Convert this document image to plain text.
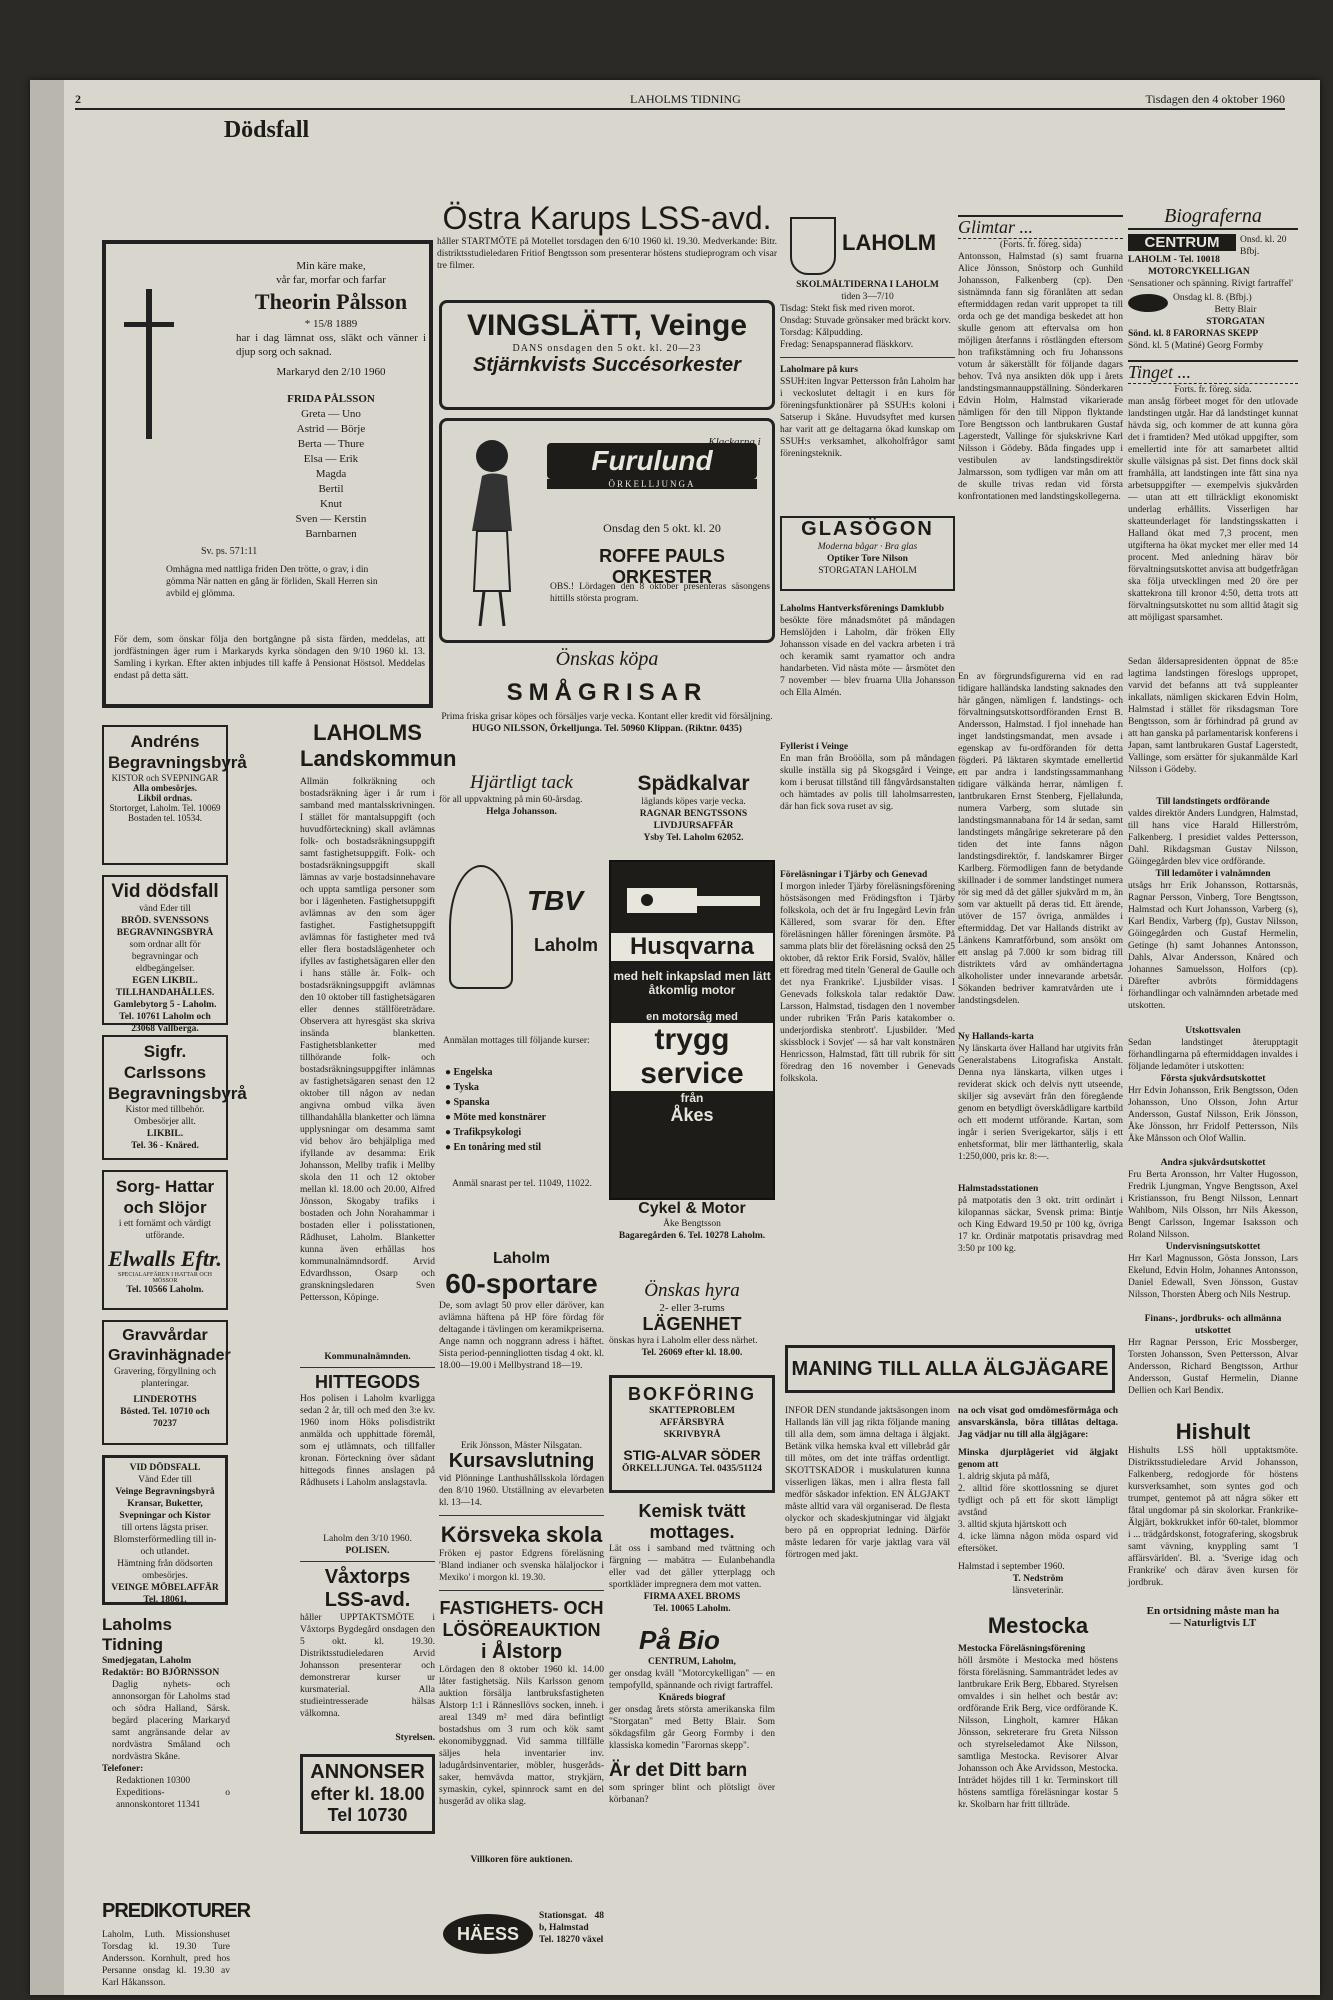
2	LAHOLMS TIDNING	Tisdagen den 4 oktober 1960
Dödsfall
Min käre make,
vår far, morfar och farfar
Theorin Pålsson
* 15/8 1889
har i dag lämnat oss, släkt och vänner i djup sorg och saknad.
Markaryd den 2/10 1960
FRIDA PÅLSSON
Greta — Uno
Astrid — Börje
Berta — Thure
Elsa — Erik
Magda
Bertil
Knut
Sven — Kerstin
Barnbarnen
Sv. ps. 571:11
Omhägna med nattliga friden Den trötte, o grav, i din gömma När natten en gång är förliden, Skall Herren sin avbild ej glömma.
För dem, som önskar följa den bortgångne på sista färden, meddelas, att jordfästningen äger rum i Markaryds kyrka söndagen den 9/10 1960 kl. 13. Samling i kyrkan. Efter akten inbjudes till kaffe å Pensionat Höstsol. Meddelas endast på detta sätt.
Andréns Begravningsbyrå
KISTOR och SVEPNINGAR
Alla ombesörjes.
Likbil ordnas.
Stortorget, Laholm. Tel. 10069
Bostaden tel. 10534.
Vid dödsfall
vänd Eder till
BRÖD. SVENSSONS BEGRAVNINGSBYRÅ
som ordnar allt för begravningar och eldbegängelser.
EGEN LIKBIL. TILLHANDAHÅLLES.
Gamlebytorg 5 - Laholm.
Tel. 10761 Laholm och 23068 Vallberga.
Sigfr. Carlssons Begravningsbyrå
Kistor med tillbehör.
Ombesörjer allt.
LIKBIL.
Tel. 36 - Knäred.
Sorg- Hattar och Slöjor
i ett fornämt och värdigt utförande.
Elwalls Eftr.
SPECIALAFFÄREN I HATTAR OCH MÖSSOR
Tel. 10566 Laholm.
Gravvårdar Gravinhägnader
Gravering, förgyllning och planteringar.
LINDEROTHS
Bösted. Tel. 10710 och 70237
VID DÖDSFALL
Vänd Eder till
Veinge Begravningsbyrå
Kransar, Buketter, Svepningar och Kistor
till ortens lägsta priser.
Blomsterförmedling till in- och utlandet.
Hämtning från dödsorten ombesörjes.
VEINGE MÖBELAFFÄR
Tel. 18061.
Laholms Tidning
Smedjegatan, Laholm
Redaktör: BO BJÖRNSSON
Daglig nyhets- och annonsorgan för Laholms stad och södra Halland, Särsk. begärd placering Markaryd samt angränsande delar av nordvästra Småland och nordvästra Skåne.
Telefoner:
Redaktionen 10300
Expeditions- o annonskontoret 11341
PREDIKOTURER
Laholm, Luth. Missionshuset Torsdag kl. 19.30 Ture Andersson. Kornhult, pred hos Persanne onsdag kl. 19.30 av Karl Håkansson.
LAHOLMS Landskommun
Allmän folkräkning och bostadsräkning äger i år rum i samband med mantalsskrivningen. I stället för mantalsuppgift (och huvudförteckning) skall avlämnas folk- och bostadsräkningsuppgift samt fastighetsuppgift. Folk- och bostadsräkningsuppgift skall lämnas av varje bostadsinnehavare och uppta samtliga personer som bor i lägenheten. Fastighetsuppgift avlämnas av den som äger fastighet. Fastighetsuppgift avlämnas för fastigheter med två eller flera bostadslägenheter och ifylles av fastighetsägaren eller den i hans ställe är. Folk- och bostadsräkningsuppgift avlämnas den 10 oktober till fastighetsägaren eller dennes ställföreträdare. Observera att hyresgäst ska skriva insända blanketten. Fastighetsblanketter med tillhörande folk- och bostadsräkningsuppgifter inlämnas av fastighetsägaren senast den 12 oktober till någon av nedan angivna ombud vilka även tillhandahålla blanketter och lämna upplysningar om desamma samt vid behov äro behjälpliga med ifyllande av desamma: Erik Johansson, Mellby trafik i Mellby skola den 11 och 12 oktober mellan kl. 18.00 och 20.00, Alfred Jönsson, Skogaby trafiks i bostaden och John Norahammar i bostaden eller i polisstationen, Rådhuset, Laholm. Blanketter kunna även erhållas hos kommunalnämndsordf. Arvid Edvardhsson, Osarp och granskningsledaren Sven Pettersson, Köpinge.
Kommunalnämnden.
HITTEGODS
Hos polisen i Laholm kvarligga sedan 2 år, till och med den 3:e kv. 1960 inom Höks polisdistrikt anmälda och upphittade föremål, som ej utlämnats, och tillfaller kronan. Förteckning över sådant hittegods finnes anslagen på Rådhusets i Laholm anslagstavla.
Laholm den 3/10 1960.
POLISEN.
Våxtorps LSS-avd.
håller UPPTAKTSMÖTE i Våxtorps Bygdegård onsdagen den 5 okt. kl. 19.30. Distriktsstudieledaren Arvid Johansson presenterar och demonstrerar kurser ur kursmaterial. Alla studieintresserade hälsas välkomna.
Styrelsen.
ANNONSER
efter kl. 18.00
Tel 10730
Östra Karups LSS-avd.
håller STARTMÖTE på Motellet torsdagen den 6/10 1960 kl. 19.30. Medverkande: Bitr. distriktsstudieledaren Fritiof Bengtsson som presenterar höstens studieprogram och visar tre filmer.
VINGSLÄTT, Veinge
DANS onsdagen den 5 okt. kl. 20—23
Stjärnkvists Succésorkester
Furulund
Klackarna i taket
ÖRKELLJUNGA
Onsdag den 5 okt. kl. 20
ROFFE PAULS ORKESTER
OBS.! Lördagen den 8 oktober presenteras säsongens hittills största program.
Önskas köpa
SMÅGRISAR
Prima friska grisar köpes och försäljes varje vecka. Kontant eller kredit vid försäljning.
HUGO NILSSON, Örkelljunga. Tel. 50960 Klippan. (Riktnr. 0435)
Hjärtligt tack
för all uppvaktning på min 60-årsdag.
Helga Johansson.
Spädkalvar
läglands köpes varje vecka.
RAGNAR BENGTSSONS LIVDJURSAFFÄR
Ysby Tel. Laholm 62052.
TBV
Laholm
Anmälan mottages till följande kurser:
● Engelska
● Tyska
● Spanska
● Möte med konstnärer
● Trafikpsykologi
● En tonåring med stil
Anmäl snarast per tel. 11049, 11022.
Husqvarna
med helt inkapslad men lätt åtkomlig motor
en motorsåg med
trygg service
från
Åkes
Cykel & Motor
Åke Bengtsson
Bagaregården 6. Tel. 10278 Laholm.
Laholm
60-sportare
De, som avlagt 50 prov eller däröver, kan avlämna häftena på HP före fördag för deltagande i tävlingen om keramikpriserna. Ange namn och noggrann adress i häftet. Sista period-penningliotten tisdag 4 okt. kl. 18.00—19.00 i Mellbystrand 18—19.
Erik Jönsson, Mäster Nilsgatan.
Önskas hyra
2- eller 3-rums
LÄGENHET
önskas hyra i Laholm eller dess närhet.
Tel. 26069 efter kl. 18.00.
Kursavslutning
vid Plönninge Lanthushållsskola lördagen den 8/10 1960. Utställning av elevarbeten kl. 13—14.
Körsveka skola
Fröken ej pastor Edgrens föreläsning 'Bland indianer och svenska hälaljockor i Mexiko' i morgon kl. 19.30.
FASTIGHETS- OCH LÖSÖREAUKTION
i Ålstorp
Lördagen den 8 oktober 1960 kl. 14.00 låter fastighetsäg. Nils Karlsson genom auktion försälja lantbruksfastigheten Ålstorp 1:1 i Rännesllövs socken, inneh. i areal 1349 m² med dära befintligt bostadshus om 3 rum och kök samt ekonomibyggnad. Vid samma tillfälle säljes hela inventarier inv. ladugårdsinventarier, möbler, husgeråds-saker, hemvävda mattor, strykjärn, symaskin, cykel, spinnrock samt en del husgeråd av olika slag.
Villkoren före auktionen.
HÄESS
Stationsgat. 48 b, Halmstad
Tel. 18270 växel
BOKFÖRING
SKATTEPROBLEM
AFFÄRSBYRÅ
SKRIVBYRÅ
STIG-ALVAR SÖDER
ÖRKELLJUNGA. Tel. 0435/51124
Kemisk tvätt mottages.
Lät oss i samband med tvättning och färgning — mabätra — Eulanbehandla eller vad det gäller ytterplagg och sportkläder impregnera dem mot vatten.
FIRMA AXEL BROMS
Tel. 10065 Laholm.
På Bio
CENTRUM, Laholm,
ger onsdag kväll "Motorcykelligan" — en tempofylld, spännande och rivigt fartraffel.
Knäreds biograf
ger onsdag årets största amerikanska film "Storgatan" med Betty Blair. Som sökdagsfilm går Georg Formby i den klassiska komedin "Farornas skepp".
Är det Ditt barn
som springer blint och plötsligt över körbanan?
LAHOLM
SKOLMÅLTIDERNA I LAHOLM
tiden 3—7/10
Tisdag: Stekt fisk med riven morot.
Onsdag: Stuvade grönsaker med bräckt korv.
Torsdag: Kålpudding.
Fredag: Senapspannerad fläskkorv.
Laholmare på kurs
SSUH:iten Ingvar Pettersson från Laholm har i veckoslutet deltagit i en kurs för föreningsfunktionärer på SSUH:s koloni i Satserup i Skåne. Huvudsyftet med kursen har varit att ge deltagarna ökad kunskap om SSUH:s verksamhet, alkoholfrågor samt föreningsteknik.
GLASÖGON
Moderna bågar · Bra glas
Optiker Tore Nilson
STORGATAN LAHOLM
Laholms Hantverksförenings Damklubb
besökte före månadsmötet på måndagen Hemslöjden i Laholm, där fröken Elly Johansson visade en del vackra arbeten i trä och keramik samt ryamattor och andra handarbeten. Vid nästa möte — årsmötet den 7 november — blev fruarna Ulla Johansson och Ella Almén.
Fyllerist i Veinge
En man från Broöölla, som på måndagen skulle inställa sig på Skogsgård i Veinge, kom i berusat tillstånd till fångvårdsanstalten och hämtades av polis till laholmsarresten, där han fick sova ruset av sig.
Föreläsningar i Tjärby och Genevad
I morgon inleder Tjärby föreläsningsförening höstsäsongen med Frödingsfton i Tjärby folkskola, och det är fru Ingegärd Levin från Källered, som svarar för den. Efter föreläsningen håller föreningen årsmöte. På samma plats blir det föreläsning också den 25 oktober, då rektor Erik Forsid, Svalöv, håller ett föredrag med titeln 'General de Gaulle och det nya Frankrike'. Ljusbilder visas. I Genevads folkskola talar redaktör Daw. Larsson, Halmstad, tisdagen den 1 november under rubriken 'Från Paris katakomber o. underjordiska stenbrott'. Ljusbilder. 'Med skissblock i Sovjet' — så har valt konstnären Henricsson, Halmstad, fått till rubrik för sitt föredrag den 16 november i Genevads folkskola.
MANING TILL ALLA ÄLGJÄGARE
INFOR DEN stundande jaktsäsongen inom Hallands län vill jag rikta följande maning till alla dem, som ämna deltaga i älgjakt. Betänk vilka hemska kval ett villebråd går till mötes, om det inte träffas ordentligt. SKOTTSKADOR i muskulaturen kunna visserligen läkas, men i allra flesta fall medför såskador infektion. EN ÄLGJAKT måste alltid vara väl organiserad. De flesta olyckor och skadeskjutningar vid älgjakt bero på en oppropriat ledning. Därför måste ledaren för varje jaktlag vara väl förtrogen med jakt.
na och visat god omdömesförmåga och ansvarskänsla, böra tillåtas deltaga. Jag vädjar nu till alla älgjägare:
Minska djurplågeriet vid älgjakt genom att
1. aldrig skjuta på måfå,
2. alltid före skottlossning se djuret tydligt och på ett för skott lämpligt avstånd
3. alltid skjuta hjärtskott och
4. icke lämna någon möda ospard vid eftersöket.
Halmstad i september 1960.
T. Nedström
länsveterinär.
Mestocka
Mestocka Föreläsningsförening
höll årsmöte i Mestocka med höstens första föreläsning. Sammanträdet ledes av lantbrukare Erik Berg, Ebbared. Styrelsen omvaldes i sin helhet och består av: ordförande Erik Berg, vice ordförande K. Nilsson, Lingholt, kamrer Håkan Jönsson, sekreterare fru Greta Nilsson och styrelseledamot Åke Nilsson, samtliga Mestocka. Revisorer Alvar Johansson och Åke Arvidsson, Mestocka. Inträdet höjdes till 1 kr. Terminskort till höstens samtliga föreläsningar kostar 5 kr. Skolbarn har fritt tillträde.
Glimtar ...
(Forts. fr. föreg. sida)
Antonsson, Halmstad (s) samt fruarna Alice Jönsson, Snöstorp och Gunhild Johansson, Falkenberg (cp). Den sistnämnda fann sig föranlåten att sedan eftermiddagen redan varit uppropet ta till orda och ge det mandiga beskedet att hon skulle genom att eftervalsa om hon möjligen återfanns i röstlängden eftersom hon trafikstämning och fru Johanssons votum år säkerställt för följande dagars behov. Två nya ansikten dök upp i årets landstingsmannauppställning. Sönderkaren Edvin Holm, Halmstad vikarierade nämligen för den till Nippon flyktande Tore Bengtsson och lantbrukaren Gustaf Lagerstedt, Vallinge för sjukskrivne Karl Nilsson i Gödeby. Båda fingades upp i vestibulen av landstingsdirektör Jalmarsson, som tydligen var mån om att de skulle trivas redan vid första konfrontationen med landstingskollegerna.
En av förgrundsfigurerna vid en rad tidigare halländska landsting saknades den här gången, nämligen f. landstings- och förvaltningsutskottsordföranden Ernst B. Andersson, Halmstad. I fjol innehade han inget landstingsmandat, men avsade i egenskap av fu-ordföranden för detta fögderi. På läktaren skymtade emellertid ett par andra i landstingssammanhang tidigare välkända herrar, nämligen f. lantbrukaren Ernst Stenberg, Fjellalunda, numera Varberg, som slutade sin landstingsmannabana för 14 år sedan, samt landstingets mångårige sekreterare på den tiden det inte fanns någon landstingsdirektör, f. landskamrer Birger Karlberg. Förmodligen fann de betydande skillnader i de sommer landstinget numera rör sig med då det gäller sjukvård m m, än som var aktuellt på deras tid. Ett ärende, utöver de 157 övriga, anmäldes i eftermiddag. Det var Hallands distrikt av Länkens Kamratförbund, som ansökt om ett anslag på 7.000 kr som bidrag till distriktets vård av omhändertagna alkoholister under innevarande arbetsår. Sökanden bedriver kamratvården ute i landstingsdelen.
Ny Hallands-karta
Ny länskarta över Halland har utgivits från Generalstabens Litografiska Anstalt. Denna nya länskarta, vilken utges i reviderat skick och delvis nytt utseende, skiljer sig avsevärt från den föregående genom en betydligt överskådligare kartbild och ett modernt utförande. Kartan, som ingår i serien Sverigekartor, säljs i ett enhetsformat, blir mer lätthanterlig, skala 1:250,000, pris kr. 8:—.
Halmstadsstationen
på matpotatis den 3 okt. tritt ordinärt i kilopannas säckar, Svensk prima: Bintje och King Edward 19.50 pr 100 kg, övriga 17 kr. Ordinär matpotatis prisavdrag med 3:50 pr 100 kg.
Biograferna
CENTRUM	Onsd. kl. 20
Bfbj.
LAHOLM - Tel. 10018
MOTORCYKELLIGAN
'Sensationer och spänning. Rivigt fartraffel'
Onsdag kl. 8. (Bfbj.)
Betty Blair
STORGATAN
Sönd. kl. 8 FARORNAS SKEPP
Sönd. kl. 5 (Matiné) Georg Formby
Tinget ...
Forts. fr. föreg. sida.
man ansåg förbeet moget för den utlovade landstingen utgår. Har då landstinget kunnat hävda sig, och kommer de att kunna göra det i framtiden? Med utökad uppgifter, som emellertid inte för att samarbetet alltid skulle välsignas på sist. Det finns dock skäl framhålla, att landstingen inte fått sina nya arbetsuppgifter — exempelvis sjukvården — utan att ett tillräckligt ekonomiskt underlag erhållits. Visserligen har skatteunderlaget för landstingsskatten i Halland ökat med 7,3 procent, men utgifterna ha ökat mycket mer eller med 14 procent. Med anledning härav bör förvaltningsutskottet anvisa att budgetfrågan ska följa utvecklingen med 20 öre per skattekrona till kronor 4:50, detta trots att förvaltningsutskottet nu som alltid åtagit sig att möjligast sparsamhet.
Sedan åldersapresidenten öppnat de 85:e lagtima landstingen föreslogs uppropet, varvid det befanns att två suppleanter inkallats, nämligen skickaren Edvin Holm, Halmstad i stället för riksdagsman Tore Bengtsson, som är förhindrad på grund av att han ganska på parlamentarisk konferens i Japan, samt lantbrukaren Gustaf Lagerstedt, Vallinge, som ersätter för sjukanmälde Karl Nilsson i Gödeby.
Till landstingets ordförande
valdes direktör Anders Lundgren, Halmstad, till hans vice Harald Hillerström, Falkenberg. I presidiet valdes Pettersson, Dahl. Rikdagsman Gustav Nilsson, Göingegården blev vice ordförande.
Till ledamöter i valnämnden
utsågs hrr Erik Johansson, Rottarsnäs, Ragnar Persson, Vinberg, Tore Bengtsson, Halmstad och Kurt Johansson, Varberg (s), Karl Bendix, Varberg (fp), Gustav Nilsson, Göingegården och Gustaf Hermelin, Getinge (h) samt Johannes Antonsson, Dahls, Alvar Andersson, Knäred och Johannes Samuelsson, Holfors (cp). Därefter avbröts förmiddagens förhandlingar och valnämnden arbetade med utskotten.
Utskottsvalen
Sedan landstinget återupptagit förhandlingarna på eftermiddagen invaldes i följande ledamöter i utskotten:
Första sjukvårdsutskottet
Hrr Edvin Johansson, Erik Bengtsson, Oden Johansson, Uno Olsson, John Artur Andersson, Gustaf Nilsson, Erik Jönsson, Åke Jönsson, hrr Fridolf Pettersson, Nils Åke Månsson och Olof Wallin.
Andra sjukvårdsutskottet
Fru Berta Aronsson, hrr Valter Hugosson, Fredrik Ljungman, Yngve Bengtsson, Axel Kristiansson, fru Bengt Nilsson, Lennart Wahlbom, Nils Olsson, hrr Nils Åkesson, Bengt Carlsson, Ingemar Isaksson och Roland Nilsson.
Undervisningsutskottet
Hrr Karl Magnusson, Gösta Jonsson, Lars Ekelund, Edvin Holm, Johannes Antonsson, Daniel Edewall, Sven Jönsson, Gustav Nilsson, Thorsten Åberg och Nils Nestrup.
Finans-, jordbruks- och allmänna utskottet
Hrr Ragnar Persson, Eric Mossberger, Torsten Johansson, Sven Pettersson, Alvar Andersson, Richard Bengtsson, Arthur Andersson, Gustaf Hermelin, Dianne Dellien och Karl Bendix.
Hishult
Hishults LSS höll upptaktsmöte. Distriktsstudieledare Arvid Johansson, Falkenberg, redogjorde för höstens kursverksamhet, som syntes god och trumpet, gentemot på att några söker ett fåtal ungdomar på sin skolorkar. Frankrike-Älgjärt, bokkrukket inför 60-talet, blommor i ... trädgårdskonst, fotografering, skogsbruk samt vävning, knyppling samt 'I affärsvärlden'. Bl. a. 'Sverige idag och Frankrike' och därav även kursen för jordbruk.
En ortsidning måste man ha
— Naturligtvis LT
